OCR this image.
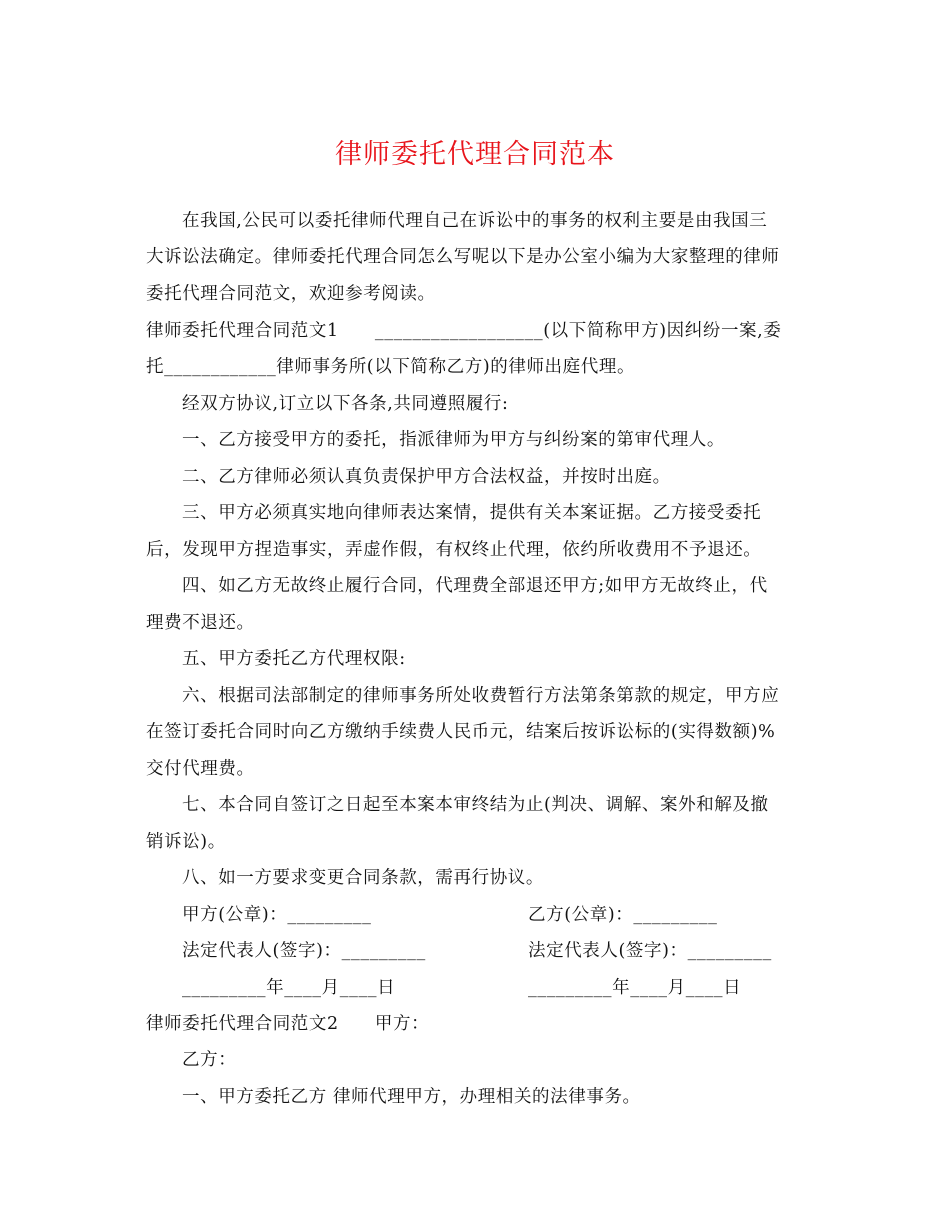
律师委托代理合同范本
在我国,公民可以委托律师代理自己在诉讼中的事务的权利主要是由我国三
大诉讼法确定。律师委托代理合同怎么写呢以下是办公室小编为大家整理的律师
委托代理合同范文，欢迎参考阅读。
律师委托代理合同范文1　　__________________(以下简称甲方)因纠纷一案,委
托____________律师事务所(以下简称乙方)的律师出庭代理。
经双方协议,订立以下各条,共同遵照履行:
一、乙方接受甲方的委托，指派律师为甲方与纠纷案的第审代理人。
二、乙方律师必须认真负责保护甲方合法权益，并按时出庭。
三、甲方必须真实地向律师表达案情，提供有关本案证据。乙方接受委托
后，发现甲方捏造事实，弄虚作假，有权终止代理，依约所收费用不予退还。
四、如乙方无故终止履行合同，代理费全部退还甲方;如甲方无故终止，代
理费不退还。
五、甲方委托乙方代理权限:
六、根据司法部制定的律师事务所处收费暂行方法第条第款的规定，甲方应
在签订委托合同时向乙方缴纳手续费人民币元，结案后按诉讼标的(实得数额)%
交付代理费。
七、本合同自签订之日起至本案本审终结为止(判决、调解、案外和解及撤
销诉讼)。
八、如一方要求变更合同条款，需再行协议。
甲方(公章)：_________	乙方(公章)：_________
法定代表人(签字)：_________	法定代表人(签字)：_________
_________年____月____日	_________年____月____日
律师委托代理合同范文2　　甲方：
乙方：
一、甲方委托乙方 律师代理甲方，办理相关的法律事务。
